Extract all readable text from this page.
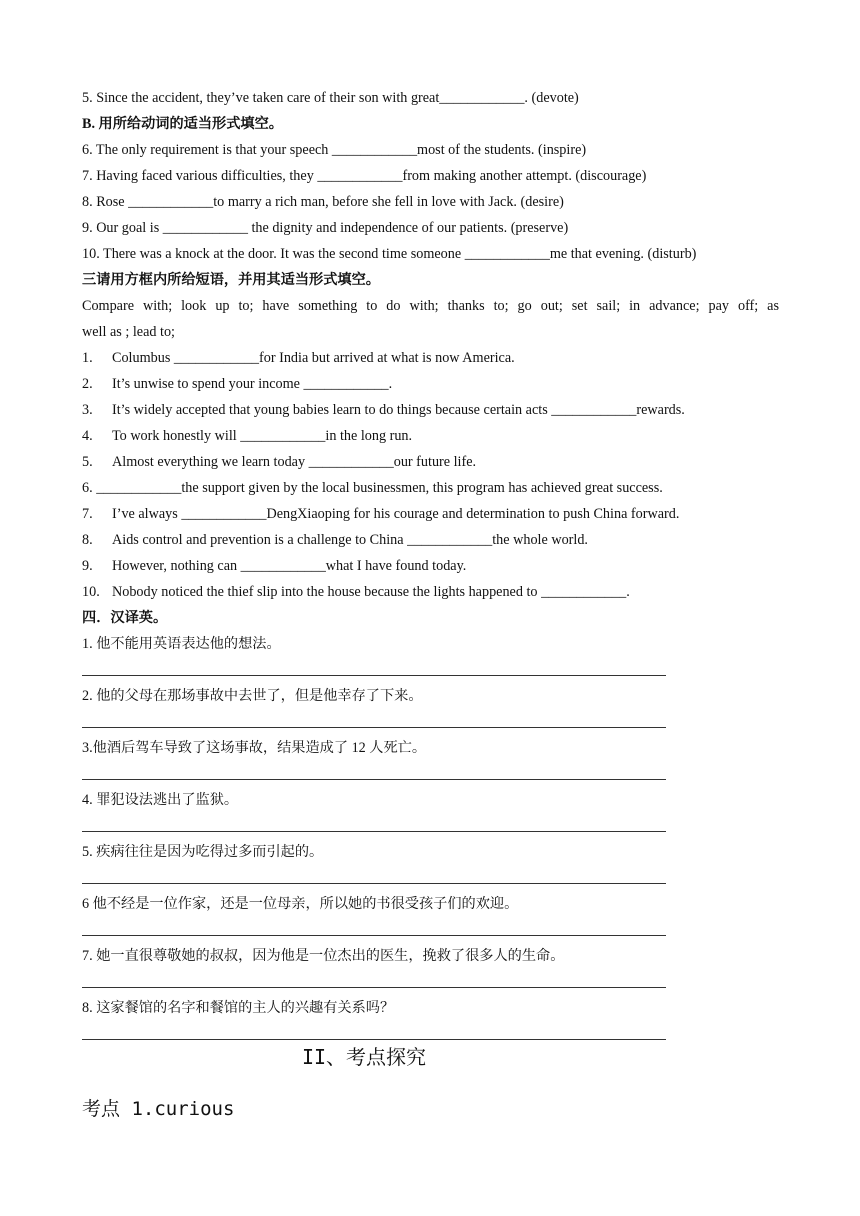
5. Since the accident, they’ve taken care of their son with great____________. (devote)
B. 用所给动词的适当形式填空。
6. The only requirement is that your speech ____________most of the students. (inspire)
7. Having faced various difficulties, they ____________from making another attempt. (discourage)
8. Rose ____________to marry a rich man, before she fell in love with Jack. (desire)
9. Our goal is ____________ the dignity and independence of our patients. (preserve)
10. There was a knock at the door. It was the second time someone ____________me that evening. (disturb)
三请用方框内所给短语，并用其适当形式填空。
Compare with; look up to; have something to do with; thanks to; go out; set sail; in advance; pay off; as
well as ; lead to;
1. Columbus ____________for India but arrived at what is now America.
2. It’s unwise to spend your income ____________.
3. It’s widely accepted that young babies learn to do things because certain acts ____________rewards.
4. To work honestly will ____________in the long run.
5. Almost everything we learn today ____________our future life.
6. ____________the support given by the local businessmen, this program has achieved great success.
7. I’ve always ____________DengXiaoping for his courage and determination to push China forward.
8. Aids control and prevention is a challenge to China ____________the whole world.
9. However, nothing can ____________what I have found today.
10. Nobody noticed the thief slip into the house because the lights happened to ____________.
四．汉译英。
1. 他不能用英语表达他的想法。
2. 他的父母在那场事故中去世了，但是他幸存了下来。
3.他酒后驾车导致了这场事故，结果造成了 12 人死亡。
4. 罪犯设法逃出了监狱。
5. 疾病往往是因为吃得过多而引起的。
6 他不经是一位作家，还是一位母亲，所以她的书很受孩子们的欢迎。
7. 她一直很尊敬她的叔叔，因为他是一位杰出的医生，挽救了很多人的生命。
8. 这家餐馆的名字和餐馆的主人的兴趣有关系吗？
II、考点探究
考点 1.curious
